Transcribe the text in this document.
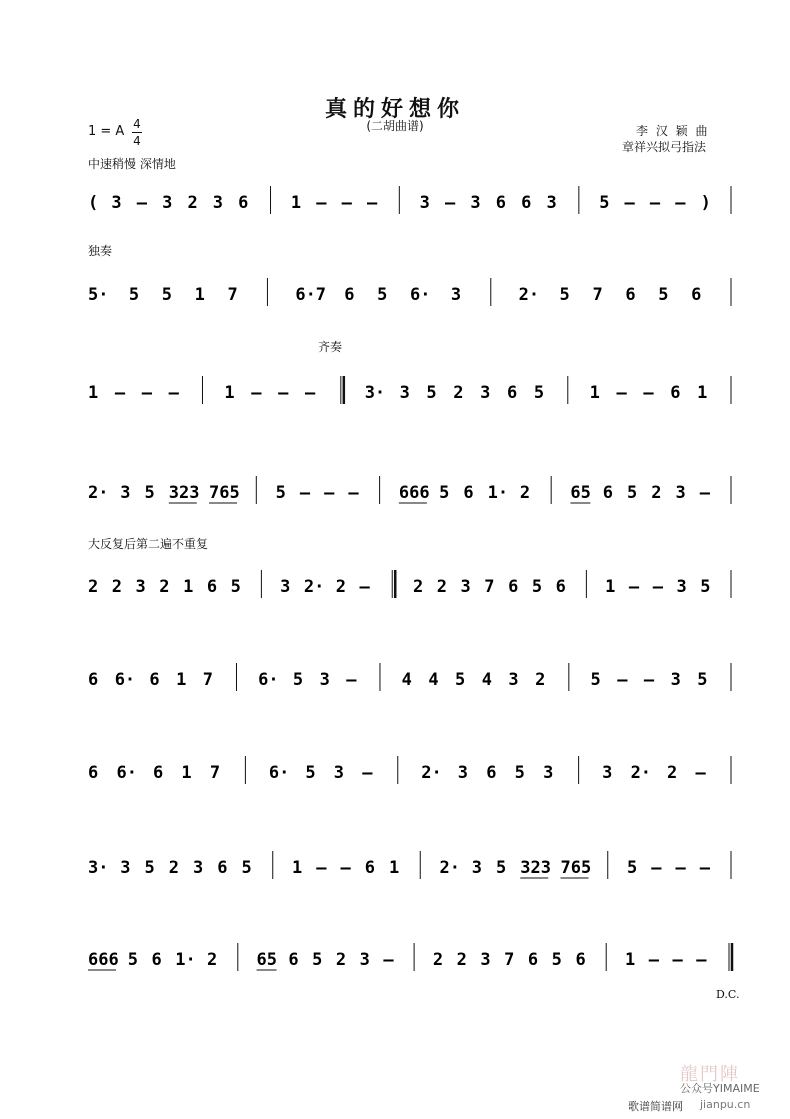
真的好想你
(二胡曲谱)
1 = A 4
4
李 汉 颖 曲
章祥兴拟弓指法
中速稍慢 深情地
独奏
齐奏
大反复后第二遍不重复
( 3 – 3 2 3 6 1 – – – 3 – 3 6 6 3 5 – – – )
5· 5 5 1 7	6·7 6 5 6· 3	2· 5 7 6 5 6
1 – – –	1 – – –	3· 3 5 2 3 6 5	1 – – 6 1
2· 3 5 323 765 5 – – – 666 5 6 1· 2 65 6 5 2 3 –
2 2 3 2 1 6 5 3 2· 2 –	2 2 3 7 6 5 6 1 – – 3 5
6 6· 6 1 7	6· 5 3 –	4 4 5 4 3 2	5 – – 3 5
6 6· 6 1 7	6· 5 3 –	2· 3 6 5 3	3 2· 2 –
3· 3 5 2 3 6 5 1 – – 6 1 2· 3 5 323 765 5 – – –
666 5 6 1· 2 65 6 5 2 3 – 2 2 3 7 6 5 6 1 – – –
D.C.
龍門陣
公众号YIMAIME
歌谱简谱网 jianpu.cn
